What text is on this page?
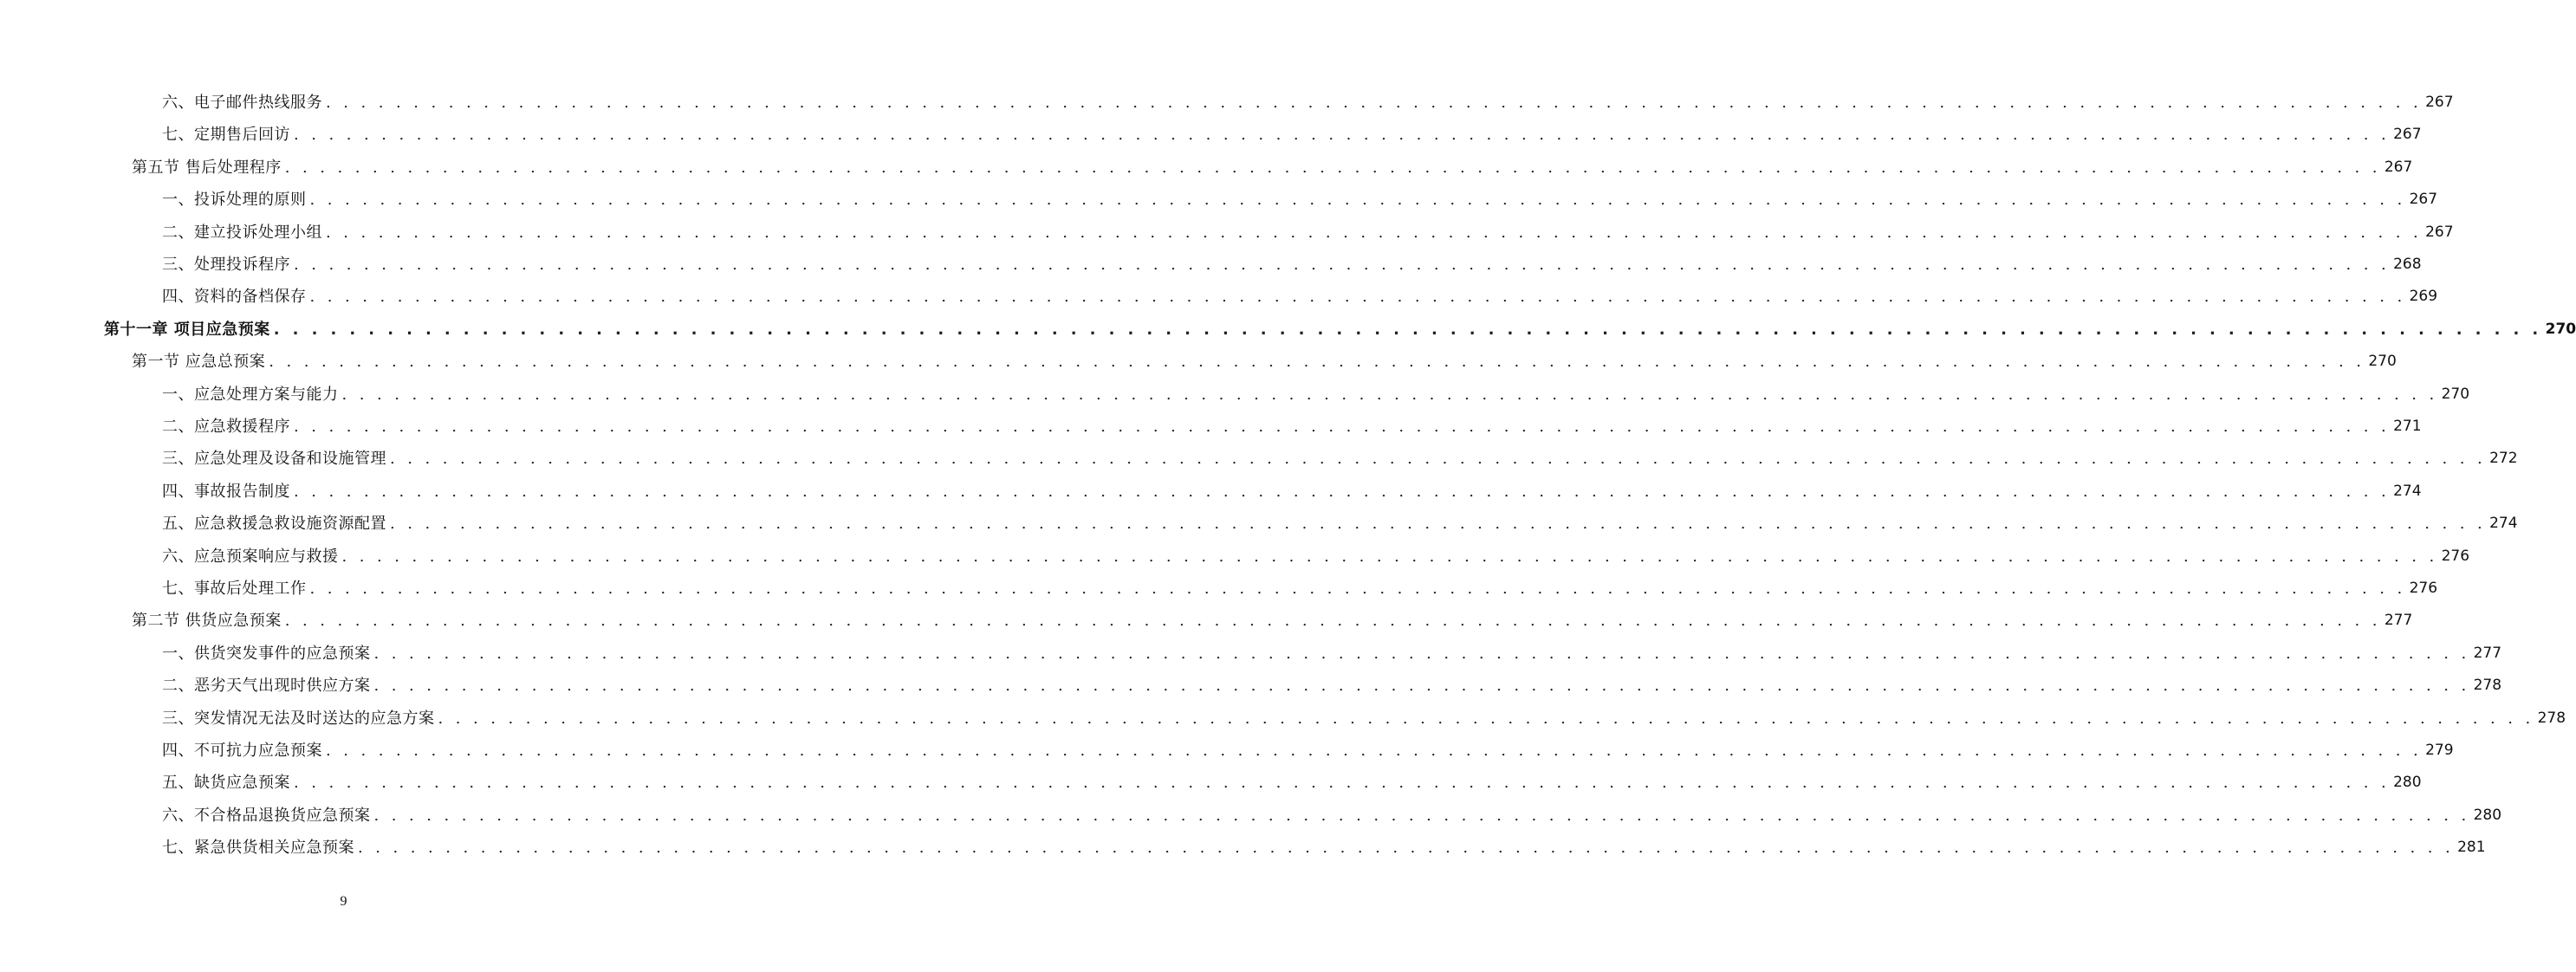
六、电子邮件热线服务 . . . . . . . . . . . . . . . . . . . . . . . . . . . . . . . . . . . . . . . . . . . . . . . . . . . . . . . . . . . . . . . . . . . . . . . . . . . . . . . . . . . . . . . . . . . . . . . . . . . . . . . . . . . . . . . . . . . . . . . . 267
七、定期售后回访 . . . . . . . . . . . . . . . . . . . . . . . . . . . . . . . . . . . . . . . . . . . . . . . . . . . . . . . . . . . . . . . . . . . . . . . . . . . . . . . . . . . . . . . . . . . . . . . . . . . . . . . . . . . . . . . . . . . . . . . . 267
第五节 售后处理程序 . . . . . . . . . . . . . . . . . . . . . . . . . . . . . . . . . . . . . . . . . . . . . . . . . . . . . . . . . . . . . . . . . . . . . . . . . . . . . . . . . . . . . . . . . . . . . . . . . . . . . . . . . . . . . . . . . . . . . . . . 267
一、投诉处理的原则 . . . . . . . . . . . . . . . . . . . . . . . . . . . . . . . . . . . . . . . . . . . . . . . . . . . . . . . . . . . . . . . . . . . . . . . . . . . . . . . . . . . . . . . . . . . . . . . . . . . . . . . . . . . . . . . . . . . . . . . . 267
二、建立投诉处理小组 . . . . . . . . . . . . . . . . . . . . . . . . . . . . . . . . . . . . . . . . . . . . . . . . . . . . . . . . . . . . . . . . . . . . . . . . . . . . . . . . . . . . . . . . . . . . . . . . . . . . . . . . . . . . . . . . . . . . . . . . 267
三、处理投诉程序 . . . . . . . . . . . . . . . . . . . . . . . . . . . . . . . . . . . . . . . . . . . . . . . . . . . . . . . . . . . . . . . . . . . . . . . . . . . . . . . . . . . . . . . . . . . . . . . . . . . . . . . . . . . . . . . . . . . . . . . . 268
四、资料的备档保存 . . . . . . . . . . . . . . . . . . . . . . . . . . . . . . . . . . . . . . . . . . . . . . . . . . . . . . . . . . . . . . . . . . . . . . . . . . . . . . . . . . . . . . . . . . . . . . . . . . . . . . . . . . . . . . . . . . . . . . . . 269
第十一章 项目应急预案 . . . . . . . . . . . . . . . . . . . . . . . . . . . . . . . . . . . . . . . . . . . . . . . . . . . . . . . . . . . . . . . . . . . . . . . . . . . . . . . . . . . . . . . . . . . . . . . . . . . . . . . . . . . . . . . . . . . . . . . . 270
第一节 应急总预案 . . . . . . . . . . . . . . . . . . . . . . . . . . . . . . . . . . . . . . . . . . . . . . . . . . . . . . . . . . . . . . . . . . . . . . . . . . . . . . . . . . . . . . . . . . . . . . . . . . . . . . . . . . . . . . . . . . . . . . . . 270
一、应急处理方案与能力 . . . . . . . . . . . . . . . . . . . . . . . . . . . . . . . . . . . . . . . . . . . . . . . . . . . . . . . . . . . . . . . . . . . . . . . . . . . . . . . . . . . . . . . . . . . . . . . . . . . . . . . . . . . . . . . . . . . . . . . . 270
二、应急救援程序 . . . . . . . . . . . . . . . . . . . . . . . . . . . . . . . . . . . . . . . . . . . . . . . . . . . . . . . . . . . . . . . . . . . . . . . . . . . . . . . . . . . . . . . . . . . . . . . . . . . . . . . . . . . . . . . . . . . . . . . . 271
三、应急处理及设备和设施管理 . . . . . . . . . . . . . . . . . . . . . . . . . . . . . . . . . . . . . . . . . . . . . . . . . . . . . . . . . . . . . . . . . . . . . . . . . . . . . . . . . . . . . . . . . . . . . . . . . . . . . . . . . . . . . . . . . . . . . . . . 272
四、事故报告制度 . . . . . . . . . . . . . . . . . . . . . . . . . . . . . . . . . . . . . . . . . . . . . . . . . . . . . . . . . . . . . . . . . . . . . . . . . . . . . . . . . . . . . . . . . . . . . . . . . . . . . . . . . . . . . . . . . . . . . . . . 274
五、应急救援急救设施资源配置 . . . . . . . . . . . . . . . . . . . . . . . . . . . . . . . . . . . . . . . . . . . . . . . . . . . . . . . . . . . . . . . . . . . . . . . . . . . . . . . . . . . . . . . . . . . . . . . . . . . . . . . . . . . . . . . . . . . . . . . . 274
六、应急预案响应与救援 . . . . . . . . . . . . . . . . . . . . . . . . . . . . . . . . . . . . . . . . . . . . . . . . . . . . . . . . . . . . . . . . . . . . . . . . . . . . . . . . . . . . . . . . . . . . . . . . . . . . . . . . . . . . . . . . . . . . . . . . 276
七、事故后处理工作 . . . . . . . . . . . . . . . . . . . . . . . . . . . . . . . . . . . . . . . . . . . . . . . . . . . . . . . . . . . . . . . . . . . . . . . . . . . . . . . . . . . . . . . . . . . . . . . . . . . . . . . . . . . . . . . . . . . . . . . . 276
第二节 供货应急预案 . . . . . . . . . . . . . . . . . . . . . . . . . . . . . . . . . . . . . . . . . . . . . . . . . . . . . . . . . . . . . . . . . . . . . . . . . . . . . . . . . . . . . . . . . . . . . . . . . . . . . . . . . . . . . . . . . . . . . . . . 277
一、供货突发事件的应急预案 . . . . . . . . . . . . . . . . . . . . . . . . . . . . . . . . . . . . . . . . . . . . . . . . . . . . . . . . . . . . . . . . . . . . . . . . . . . . . . . . . . . . . . . . . . . . . . . . . . . . . . . . . . . . . . . . . . . . . . . . 277
二、恶劣天气出现时供应方案 . . . . . . . . . . . . . . . . . . . . . . . . . . . . . . . . . . . . . . . . . . . . . . . . . . . . . . . . . . . . . . . . . . . . . . . . . . . . . . . . . . . . . . . . . . . . . . . . . . . . . . . . . . . . . . . . . . . . . . . . 278
三、突发情况无法及时送达的应急方案 . . . . . . . . . . . . . . . . . . . . . . . . . . . . . . . . . . . . . . . . . . . . . . . . . . . . . . . . . . . . . . . . . . . . . . . . . . . . . . . . . . . . . . . . . . . . . . . . . . . . . . . . . . . . . . . . . . . . . . . . 278
四、不可抗力应急预案 . . . . . . . . . . . . . . . . . . . . . . . . . . . . . . . . . . . . . . . . . . . . . . . . . . . . . . . . . . . . . . . . . . . . . . . . . . . . . . . . . . . . . . . . . . . . . . . . . . . . . . . . . . . . . . . . . . . . . . . . 279
五、缺货应急预案 . . . . . . . . . . . . . . . . . . . . . . . . . . . . . . . . . . . . . . . . . . . . . . . . . . . . . . . . . . . . . . . . . . . . . . . . . . . . . . . . . . . . . . . . . . . . . . . . . . . . . . . . . . . . . . . . . . . . . . . . 280
六、不合格品退换货应急预案 . . . . . . . . . . . . . . . . . . . . . . . . . . . . . . . . . . . . . . . . . . . . . . . . . . . . . . . . . . . . . . . . . . . . . . . . . . . . . . . . . . . . . . . . . . . . . . . . . . . . . . . . . . . . . . . . . . . . . . . . 280
七、紧急供货相关应急预案 . . . . . . . . . . . . . . . . . . . . . . . . . . . . . . . . . . . . . . . . . . . . . . . . . . . . . . . . . . . . . . . . . . . . . . . . . . . . . . . . . . . . . . . . . . . . . . . . . . . . . . . . . . . . . . . . . . . . . . . . 281
9
